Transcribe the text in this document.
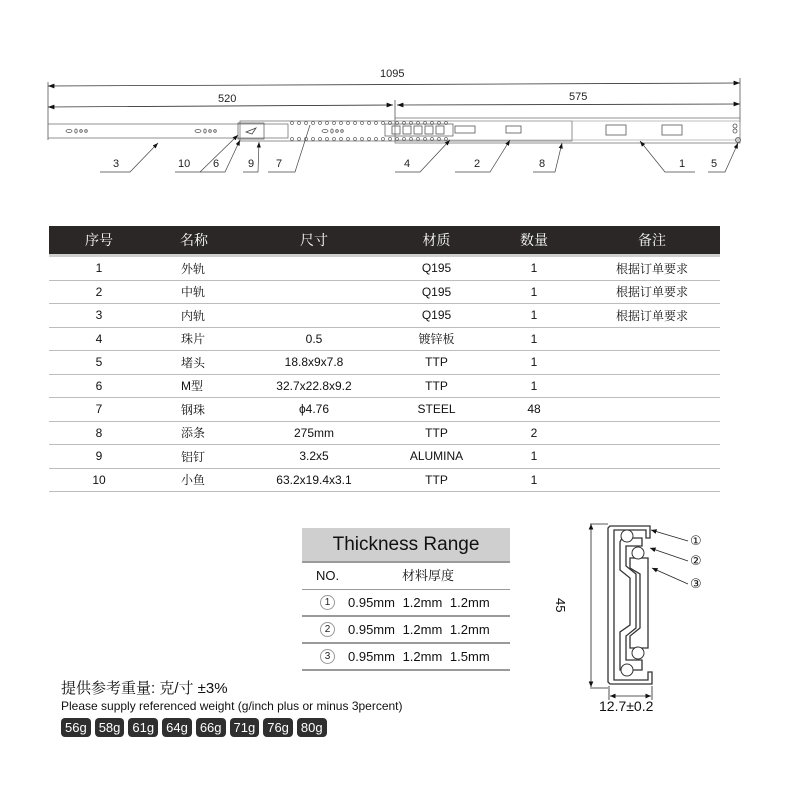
1095
520	575
3	10 6	9 7	4	2	8	1 5
序号	名称	尺寸	材质	数量	备注
1	外轨		Q195	1	根据订单要求
2	中轨		Q195	1	根据订单要求
3	内轨		Q195	1	根据订单要求
4	珠片	0.5	镀锌板	1	
5	堵头	18.8x9x7.8	TTP	1	
6	M型	32.7x22.8x9.2	TTP	1	
7	钢珠	ϕ4.76	STEEL	48	
8	添条	275mm	TTP	2	
9	铝钉	3.2x5	ALUMINA	1	
10	小鱼	63.2x19.4x3.1	TTP	1	
Thickness Range
NO.	材料厚度
1	0.95mm 1.2mm 1.2mm
2	0.95mm 1.2mm 1.2mm
3	0.95mm 1.2mm 1.5mm
45
12.7±0.2
①
②
③
提供参考重量: 克/寸 ±3%
Please supply referenced weight (g/inch plus or minus 3percent)
56g 58g 61g 64g 66g 71g 76g 80g
